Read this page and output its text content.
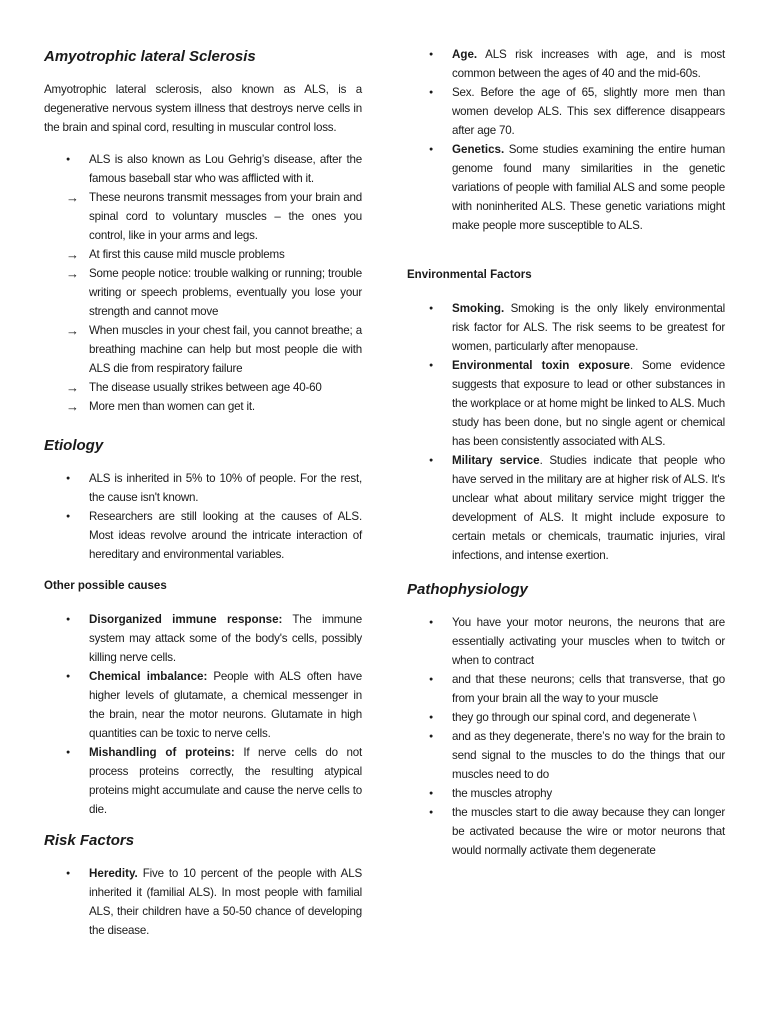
Amyotrophic lateral Sclerosis

Amyotrophic lateral sclerosis, also known as ALS, is a degenerative nervous system illness that destroys nerve cells in the brain and spinal cord, resulting in muscular control loss.

●
ALS is also known as Lou Gehrig’s disease, after the famous baseball star who was afflicted with it.
→
These neurons transmit messages from your brain and spinal cord to voluntary muscles – the ones you control, like in your arms and legs.
→
At first this cause mild muscle problems
→
Some people notice: trouble walking or running; trouble writing or speech problems, eventually you lose your strength and cannot move
→
When muscles in your chest fail, you cannot breathe; a breathing machine can help but most people die with ALS die from respiratory failure
→
The disease usually strikes between age 40-60
→
More men than women can get it.
Etiology
●
ALS is inherited in 5% to 10% of people. For the rest, the cause isn't known.
●
Researchers are still looking at the causes of ALS. Most ideas revolve around the intricate interaction of hereditary and environmental variables.
Other possible causes
●
Disorganized immune response: The immune system may attack some of the body's cells, possibly killing nerve cells.
●
Chemical imbalance: People with ALS often have higher levels of glutamate, a chemical messenger in the brain, near the motor neurons. Glutamate in high quantities can be toxic to nerve cells.
●
Mishandling of proteins: If nerve cells do not process proteins correctly, the resulting atypical proteins might accumulate and cause the nerve cells to die.
Risk Factors
●
Heredity. Five to 10 percent of the people with ALS inherited it (familial ALS). In most people with familial ALS, their children have a 50-50 chance of developing the disease.
●
Age. ALS risk increases with age, and is most common between the ages of 40 and the mid-60s.
●
Sex. Before the age of 65, slightly more men than women develop ALS. This sex difference disappears after age 70.
●
Genetics. Some studies examining the entire human genome found many similarities in the genetic variations of people with familial ALS and some people with noninherited ALS. These genetic variations might make people more susceptible to ALS.
Environmental Factors
●
Smoking. Smoking is the only likely environmental risk factor for ALS. The risk seems to be greatest for women, particularly after menopause.
●
Environmental toxin exposure. Some evidence suggests that exposure to lead or other substances in the workplace or at home might be linked to ALS. Much study has been done, but no single agent or chemical has been consistently associated with ALS.
●
Military service. Studies indicate that people who have served in the military are at higher risk of ALS. It's unclear what about military service might trigger the development of ALS. It might include exposure to certain metals or chemicals, traumatic injuries, viral infections, and intense exertion.
Pathophysiology
●
You have your motor neurons, the neurons that are essentially activating your muscles when to twitch or when to contract
●
and that these neurons; cells that transverse, that go from your brain all the way to your muscle
●
they go through our spinal cord, and degenerate \
●
and as they degenerate, there’s no way for the brain to send signal to the muscles to do the things that our muscles need to do
●
the muscles atrophy
●
the muscles start to die away because they can longer be activated because the wire or motor neurons that would normally activate them degenerate
